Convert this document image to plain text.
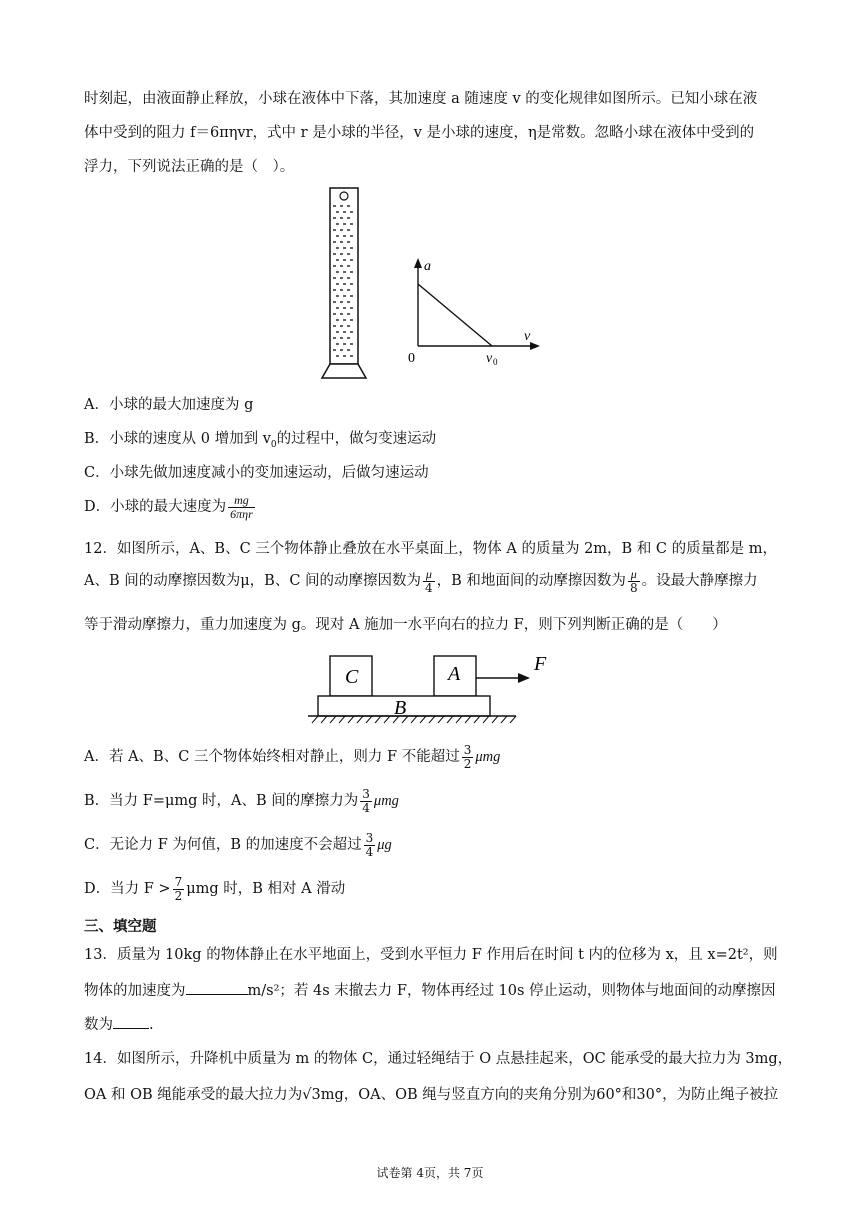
时刻起，由液面静止释放，小球在液体中下落，其加速度 a 随速度 v 的变化规律如图所示。已知小球在液
体中受到的阻力 f＝6πηvr，式中 r 是小球的半径，v 是小球的速度，η是常数。忽略小球在液体中受到的
浮力，下列说法正确的是（　）。
a
v
0	v 0
A．小球的最大加速度为 g
B．小球的速度从 0 增加到 $v_0$的过程中，做匀变速运动
C．小球先做加速度减小的变加速运动，后做匀速运动
D．小球的最大速度为 $\frac{mg}{\text{6πηr}}$
12．如图所示，A、B、C 三个物体静止叠放在水平桌面上，物体 A 的质量为 2m，B 和 C 的质量都是 m，
A、B 间的动摩擦因数为μ，B、C 间的动摩擦因数为 $\frac{\mu}{4}$ ，B 和地面间的动摩擦因数为 $\frac{\mu}{8}$ 。设最大静摩擦力
等于滑动摩擦力，重力加速度为 g。现对 A 施加一水平向右的拉力 F，则下列判断正确的是（　　）
C	A
B
F
A．若 A、B、C 三个物体始终相对静止，则力 F 不能超过 $\frac{3}{2}$ μmg
B．当力 F=μmg 时，A、B 间的摩擦力为 $\frac{3}{4}$ μmg
C．无论力 F 为何值，B 的加速度不会超过 $\frac{3}{4}$ μg
D．当力 $F > \frac{7}{2}$ μmg 时，B 相对 A 滑动
三、填空题
13．质量为 10kg 的物体静止在水平地面上，受到水平恒力 F 作用后在时间 t 内的位移为 x，且 x=2t²，则
物体的加速度为	m/s²；若 4s 末撤去力 F，物体再经过 10s 停止运动，则物体与地面间的动摩擦因
数为 .
14．如图所示，升降机中质量为 m 的物体 C，通过轻绳结于 O 点悬挂起来，OC 能承受的最大拉力为 3mg，
OA 和 OB 绳能承受的最大拉力为√3mg，OA、OB 绳与竖直方向的夹角分别为60°和30°，为防止绳子被拉
试卷第 4页，共 7页
